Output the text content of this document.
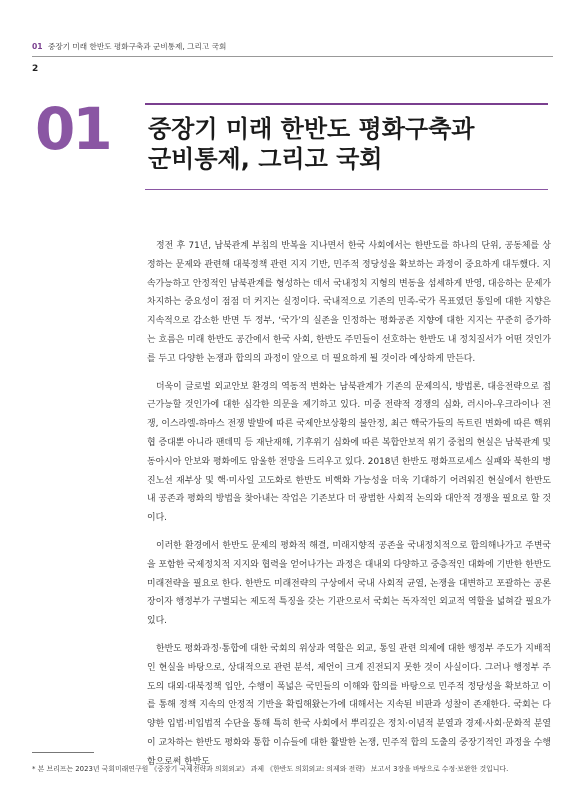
01 중장기 미래 한반도 평화구축과 군비통제, 그리고 국회
2
01 중장기 미래 한반도 평화구축과
군비통제, 그리고 국회

정전 후 71년, 남북관계 부침의 반복을 지나면서 한국 사회에서는 한반도를 하나의 단위, 공동체를 상정하는 문제와 관련해 대북정책 관련 지지 기반, 민주적 정당성을 확보하는 과정이 중요하게 대두했다. 지속가능하고 안정적인 남북관계를 형성하는 데서 국내정치 지형의 변동을 섬세하게 반영, 대응하는 문제가 차지하는 중요성이 점점 더 커지는 실정이다. 국내적으로 기존의 민족-국가 목표였던 통일에 대한 지향은 지속적으로 감소한 반면 두 정부, ‘국가’의 실존을 인정하는 평화공존 지향에 대한 지지는 꾸준히 증가하는 흐름은 미래 한반도 공간에서 한국 사회, 한반도 주민들이 선호하는 한반도 내 정치질서가 어떤 것인가를 두고 다양한 논쟁과 합의의 과정이 앞으로 더 필요하게 될 것이라 예상하게 만든다.

더욱이 글로벌 외교안보 환경의 역동적 변화는 남북관계가 기존의 문제의식, 방법론, 대응전략으로 접근가능할 것인가에 대한 심각한 의문을 제기하고 있다. 미중 전략적 경쟁의 심화, 러시아-우크라이나 전쟁, 이스라엘-하마스 전쟁 발발에 따른 국제안보상황의 불안정, 최근 핵국가들의 독트린 변화에 따른 핵위협 증대뿐 아니라 팬데믹 등 재난재해, 기후위기 심화에 따른 복합안보적 위기 중첩의 현실은 남북관계 및 동아시아 안보와 평화에도 암울한 전망을 드리우고 있다. 2018년 한반도 평화프로세스 실패와 북한의 병진노선 재부상 및 핵·미사일 고도화로 한반도 비핵화 가능성을 더욱 기대하기 어려워진 현실에서 한반도 내 공존과 평화의 방법을 찾아내는 작업은 기존보다 더 광범한 사회적 논의와 대안적 경쟁을 필요로 할 것이다.

이러한 환경에서 한반도 문제의 평화적 해결, 미래지향적 공존을 국내정치적으로 합의해나가고 주변국을 포함한 국제정치적 지지와 협력을 얻어나가는 과정은 대내외 다양하고 중층적인 대화에 기반한 한반도 미래전략을 필요로 한다. 한반도 미래전략의 구상에서 국내 사회적 균열, 논쟁을 대변하고 포괄하는 공론장이자 행정부가 구별되는 제도적 특징을 갖는 기관으로서 국회는 독자적인 외교적 역할을 넓혀갈 필요가 있다.

한반도 평화과정·통합에 대한 국회의 위상과 역할은 외교, 통일 관련 의제에 대한 행정부 주도가 지배적인 현실을 바탕으로, 상대적으로 관련 분석, 제언이 크게 진전되지 못한 것이 사실이다. 그러나 행정부 주도의 대외·대북정책 입안, 수행이 폭넓은 국민들의 이해와 합의를 바탕으로 민주적 정당성을 확보하고 이를 통해 정책 지속의 안정적 기반을 확립해왔는가에 대해서는 지속된 비판과 성찰이 존재한다. 국회는 다양한 입법·비입법적 수단을 통해 특히 한국 사회에서 뿌리깊은 정치·이념적 분열과 경제·사회·문화적 분열이 교차하는 한반도 평화와 통합 이슈들에 대한 활발한 논쟁, 민주적 합의 도출의 중장기적인 과정을 수행함으로써 한반도

* 본 브리프는 2023년 국회미래연구원 《중장기 국제전략과 의회외교》 과제 《한반도 의회외교: 의제와 전략》 보고서 3장을 바탕으로 수정·보완한 것입니다.
